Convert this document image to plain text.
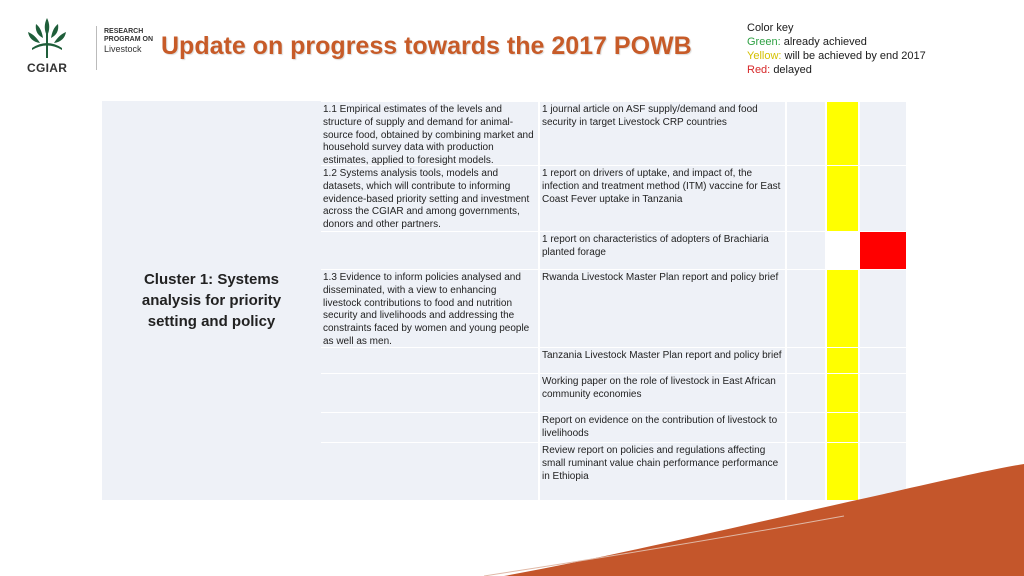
CGIAR
RESEARCH
PROGRAM ON
Livestock Update on progress towards the 2017 POWB
Color key
Green: already achieved
Yellow: will be achieved by end 2017
Red: delayed
Cluster 1: Systems analysis for priority setting and policy
1.1 Empirical estimates of the levels and structure of supply and demand for animal-source food, obtained by combining market and household survey data with production estimates, applied to foresight models.
1 journal article on ASF supply/demand and food security in target Livestock CRP countries
1.2 Systems analysis tools, models and datasets, which will contribute to informing evidence-based priority setting and investment across the CGIAR and among governments, donors and other partners.
1 report on drivers of uptake, and impact of, the infection and treatment method (ITM) vaccine for East Coast Fever uptake in Tanzania
1 report on characteristics of adopters of Brachiaria planted forage
1.3 Evidence to inform policies analysed and disseminated, with a view to enhancing livestock contributions to food and nutrition security and livelihoods and addressing the constraints faced by women and young people as well as men.
Rwanda Livestock Master Plan report and policy brief
Tanzania Livestock Master Plan report and policy brief
Working paper on the role of livestock in East African community economies
Report on evidence on the contribution of livestock to livelihoods
Review report on policies and regulations affecting small ruminant value chain performance performance in Ethiopia
